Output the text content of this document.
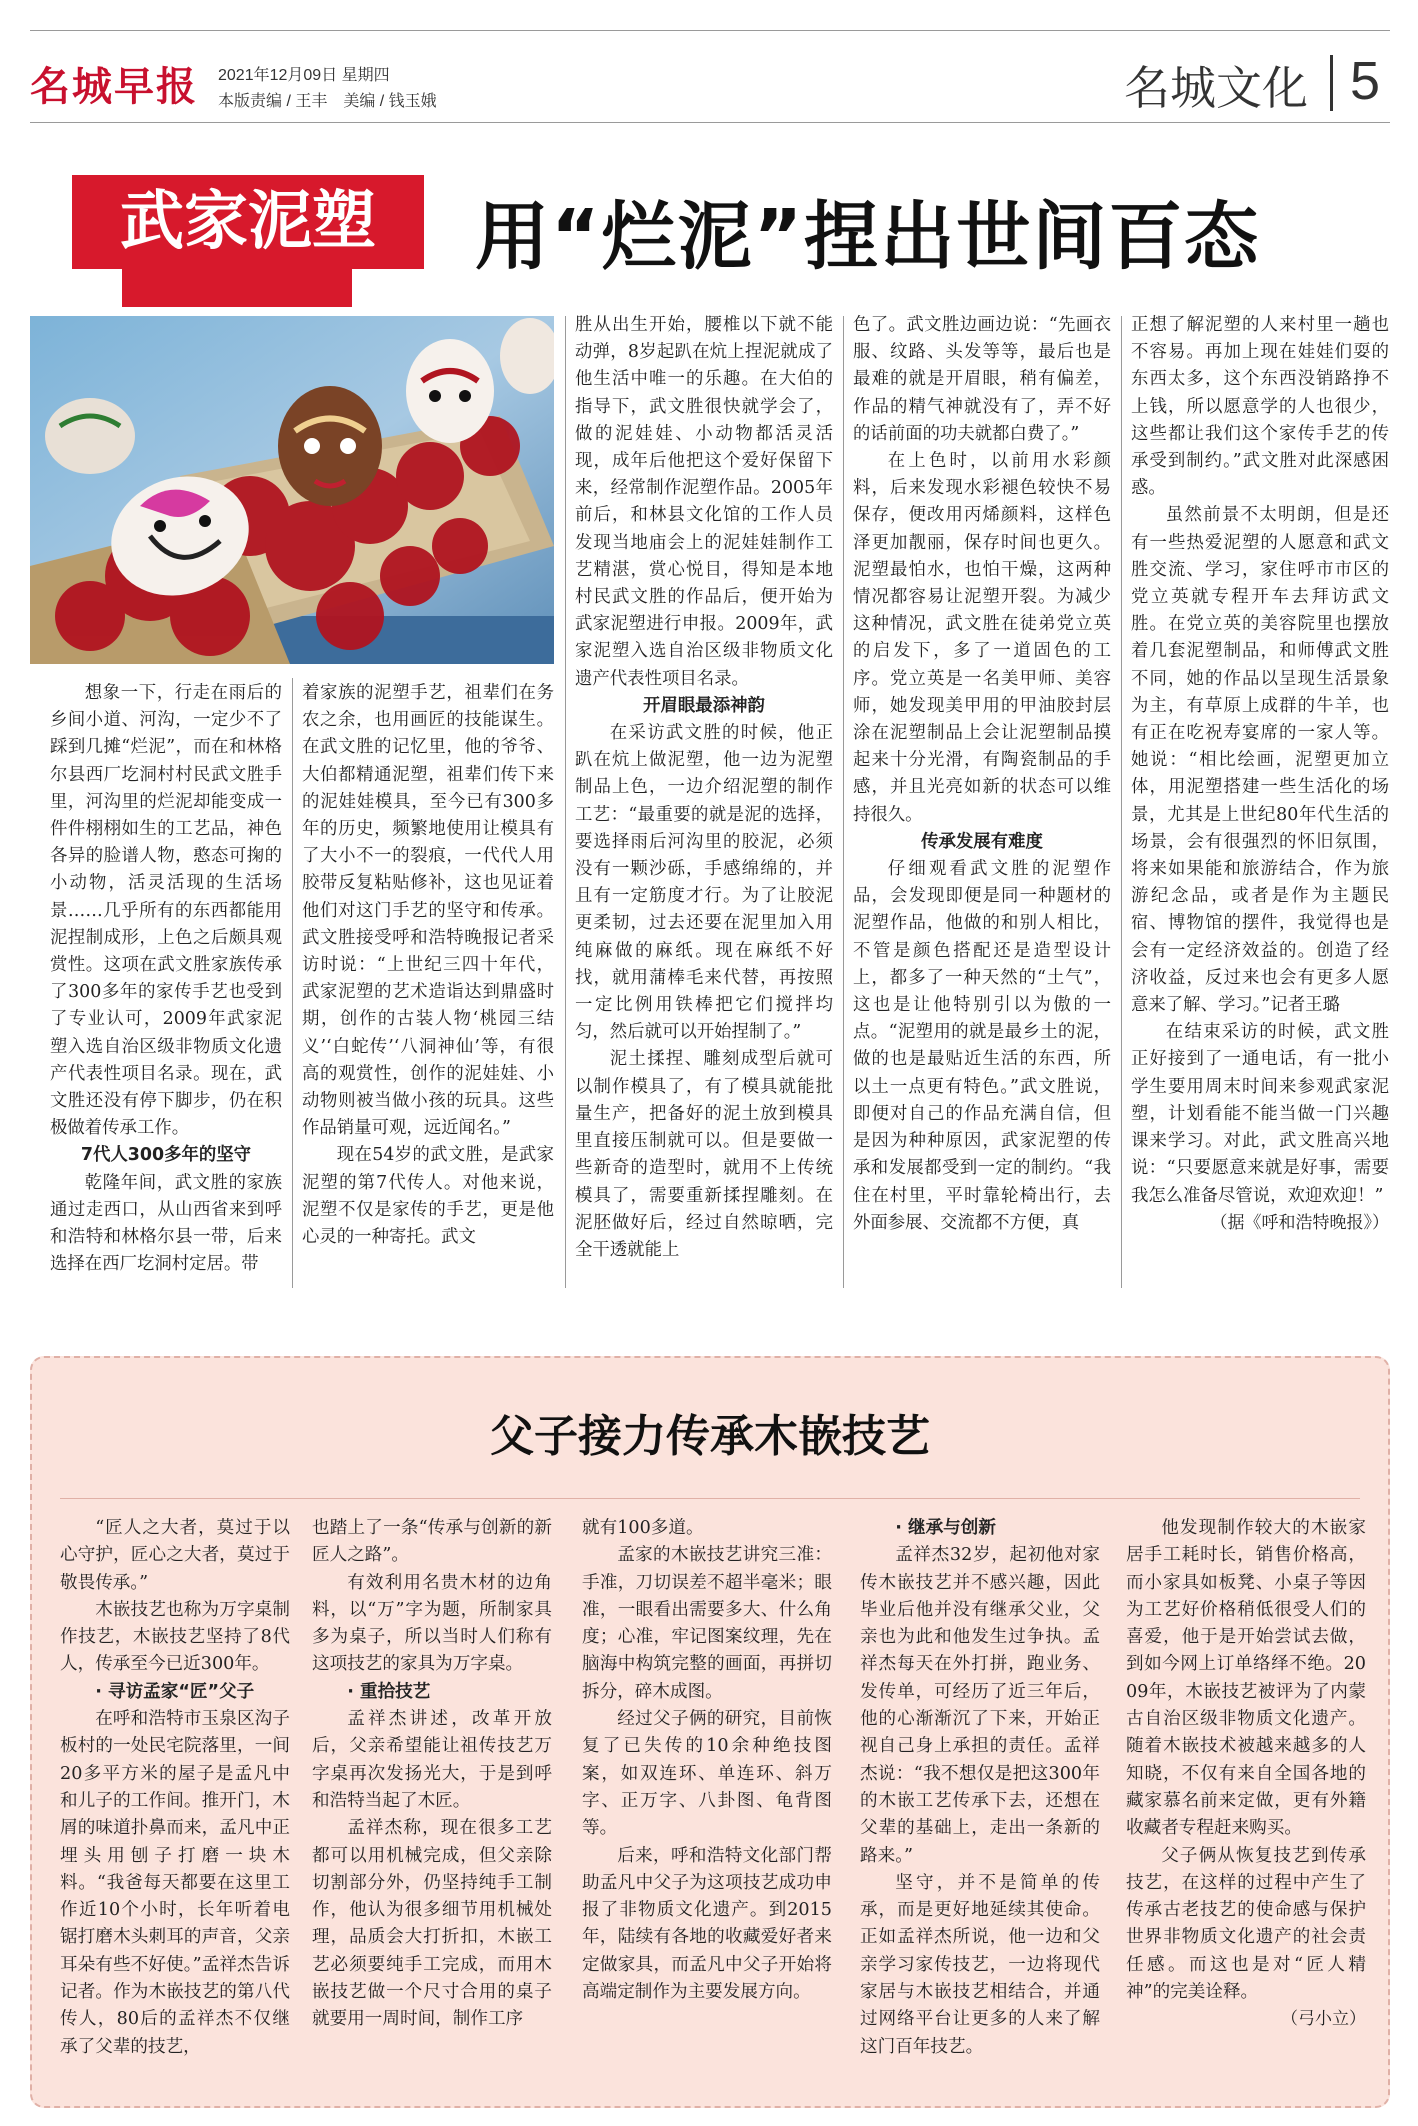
名城早报 2021年12月09日 星期四
本版责编 / 王丰　美编 / 钱玉娥	名城文化 5
武家泥塑	用“烂泥”捏出世间百态

想象一下，行走在雨后的乡间小道、河沟，一定少不了踩到几摊“烂泥”，而在和林格尔县西厂圪洞村村民武文胜手里，河沟里的烂泥却能变成一件件栩栩如生的工艺品，神色各异的脸谱人物，憨态可掬的小动物，活灵活现的生活场景……几乎所有的东西都能用泥捏制成形，上色之后颇具观赏性。这项在武文胜家族传承了300多年的家传手艺也受到了专业认可，2009年武家泥塑入选自治区级非物质文化遗产代表性项目名录。现在，武文胜还没有停下脚步，仍在积极做着传承工作。

7代人300多年的坚守

乾隆年间，武文胜的家族通过走西口，从山西省来到呼和浩特和林格尔县一带，后来选择在西厂圪洞村定居。带

着家族的泥塑手艺，祖辈们在务农之余，也用画匠的技能谋生。在武文胜的记忆里，他的爷爷、大伯都精通泥塑，祖辈们传下来的泥娃娃模具，至今已有300多年的历史，频繁地使用让模具有了大小不一的裂痕，一代代人用胶带反复粘贴修补，这也见证着他们对这门手艺的坚守和传承。武文胜接受呼和浩特晚报记者采访时说：“上世纪三四十年代，武家泥塑的艺术造诣达到鼎盛时期，创作的古装人物‘桃园三结义’‘白蛇传’‘八洞神仙’等，有很高的观赏性，创作的泥娃娃、小动物则被当做小孩的玩具。这些作品销量可观，远近闻名。”

现在54岁的武文胜，是武家泥塑的第7代传人。对他来说，泥塑不仅是家传的手艺，更是他心灵的一种寄托。武文

胜从出生开始，腰椎以下就不能动弹，8岁起趴在炕上捏泥就成了他生活中唯一的乐趣。在大伯的指导下，武文胜很快就学会了，做的泥娃娃、小动物都活灵活现，成年后他把这个爱好保留下来，经常制作泥塑作品。2005年前后，和林县文化馆的工作人员发现当地庙会上的泥娃娃制作工艺精湛，赏心悦目，得知是本地村民武文胜的作品后，便开始为武家泥塑进行申报。2009年，武家泥塑入选自治区级非物质文化遗产代表性项目名录。

开眉眼最添神韵

在采访武文胜的时候，他正趴在炕上做泥塑，他一边为泥塑制品上色，一边介绍泥塑的制作工艺：“最重要的就是泥的选择，要选择雨后河沟里的胶泥，必须没有一颗沙砾，手感绵绵的，并且有一定筋度才行。为了让胶泥更柔韧，过去还要在泥里加入用纯麻做的麻纸。现在麻纸不好找，就用蒲棒毛来代替，再按照一定比例用铁棒把它们搅拌均匀，然后就可以开始捏制了。”

泥土揉捏、雕刻成型后就可以制作模具了，有了模具就能批量生产，把备好的泥土放到模具里直接压制就可以。但是要做一些新奇的造型时，就用不上传统模具了，需要重新揉捏雕刻。在泥胚做好后，经过自然晾晒，完全干透就能上

色了。武文胜边画边说：“先画衣服、纹路、头发等等，最后也是最难的就是开眉眼，稍有偏差，作品的精气神就没有了，弄不好的话前面的功夫就都白费了。”

在上色时，以前用水彩颜料，后来发现水彩褪色较快不易保存，便改用丙烯颜料，这样色泽更加靓丽，保存时间也更久。泥塑最怕水，也怕干燥，这两种情况都容易让泥塑开裂。为减少这种情况，武文胜在徒弟党立英的启发下，多了一道固色的工序。党立英是一名美甲师、美容师，她发现美甲用的甲油胶封层涂在泥塑制品上会让泥塑制品摸起来十分光滑，有陶瓷制品的手感，并且光亮如新的状态可以维持很久。

传承发展有难度

仔细观看武文胜的泥塑作品，会发现即便是同一种题材的泥塑作品，他做的和别人相比，不管是颜色搭配还是造型设计上，都多了一种天然的“土气”，这也是让他特别引以为傲的一点。“泥塑用的就是最乡土的泥，做的也是最贴近生活的东西，所以土一点更有特色。”武文胜说，即便对自己的作品充满自信，但是因为种种原因，武家泥塑的传承和发展都受到一定的制约。“我住在村里，平时靠轮椅出行，去外面参展、交流都不方便，真

正想了解泥塑的人来村里一趟也不容易。再加上现在娃娃们耍的东西太多，这个东西没销路挣不上钱，所以愿意学的人也很少，这些都让我们这个家传手艺的传承受到制约。”武文胜对此深感困惑。

虽然前景不太明朗，但是还有一些热爱泥塑的人愿意和武文胜交流、学习，家住呼市市区的党立英就专程开车去拜访武文胜。在党立英的美容院里也摆放着几套泥塑制品，和师傅武文胜不同，她的作品以呈现生活景象为主，有草原上成群的牛羊，也有正在吃祝寿宴席的一家人等。她说：“相比绘画，泥塑更加立体，用泥塑搭建一些生活化的场景，尤其是上世纪80年代生活的场景，会有很强烈的怀旧氛围，将来如果能和旅游结合，作为旅游纪念品，或者是作为主题民宿、博物馆的摆件，我觉得也是会有一定经济效益的。创造了经济收益，反过来也会有更多人愿意来了解、学习。”记者王璐

在结束采访的时候，武文胜正好接到了一通电话，有一批小学生要用周末时间来参观武家泥塑，计划看能不能当做一门兴趣课来学习。对此，武文胜高兴地说：“只要愿意来就是好事，需要我怎么准备尽管说，欢迎欢迎！”

（据《呼和浩特晚报》）
父子接力传承木嵌技艺

“匠人之大者，莫过于以心守护，匠心之大者，莫过于敬畏传承。”

木嵌技艺也称为万字桌制作技艺，木嵌技艺坚持了8代人，传承至今已近300年。

· 寻访孟家“匠”父子

在呼和浩特市玉泉区沟子板村的一处民宅院落里，一间20多平方米的屋子是孟凡中和儿子的工作间。推开门，木屑的味道扑鼻而来，孟凡中正埋头用刨子打磨一块木料。“我爸每天都要在这里工作近10个小时，长年听着电锯打磨木头刺耳的声音，父亲耳朵有些不好使。”孟祥杰告诉记者。作为木嵌技艺的第八代传人，80后的孟祥杰不仅继承了父辈的技艺，

也踏上了一条“传承与创新的新匠人之路”。

有效利用名贵木材的边角料，以“万”字为题，所制家具多为桌子，所以当时人们称有这项技艺的家具为万字桌。

· 重拾技艺

孟祥杰讲述，改革开放后，父亲希望能让祖传技艺万字桌再次发扬光大，于是到呼和浩特当起了木匠。

孟祥杰称，现在很多工艺都可以用机械完成，但父亲除切割部分外，仍坚持纯手工制作，他认为很多细节用机械处理，品质会大打折扣，木嵌工艺必须要纯手工完成，而用木嵌技艺做一个尺寸合用的桌子就要用一周时间，制作工序

就有100多道。

孟家的木嵌技艺讲究三准：手准，刀切误差不超半毫米；眼准，一眼看出需要多大、什么角度；心准，牢记图案纹理，先在脑海中构筑完整的画面，再拼切拆分，碎木成图。

经过父子俩的研究，目前恢复了已失传的10余种绝技图案，如双连环、单连环、斜万字、正万字、八卦图、龟背图等。

后来，呼和浩特文化部门帮助孟凡中父子为这项技艺成功申报了非物质文化遗产。到2015年，陆续有各地的收藏爱好者来定做家具，而孟凡中父子开始将高端定制作为主要发展方向。

· 继承与创新

孟祥杰32岁，起初他对家传木嵌技艺并不感兴趣，因此毕业后他并没有继承父业，父亲也为此和他发生过争执。孟祥杰每天在外打拼，跑业务、发传单，可经历了近三年后，他的心渐渐沉了下来，开始正视自己身上承担的责任。孟祥杰说：“我不想仅是把这300年的木嵌工艺传承下去，还想在父辈的基础上，走出一条新的路来。”

坚守，并不是简单的传承，而是更好地延续其使命。正如孟祥杰所说，他一边和父亲学习家传技艺，一边将现代家居与木嵌技艺相结合，并通过网络平台让更多的人来了解这门百年技艺。

他发现制作较大的木嵌家居手工耗时长，销售价格高，而小家具如板凳、小桌子等因为工艺好价格稍低很受人们的喜爱，他于是开始尝试去做，到如今网上订单络绎不绝。2009年，木嵌技艺被评为了内蒙古自治区级非物质文化遗产。随着木嵌技术被越来越多的人知晓，不仅有来自全国各地的藏家慕名前来定做，更有外籍收藏者专程赶来购买。

父子俩从恢复技艺到传承技艺，在这样的过程中产生了传承古老技艺的使命感与保护世界非物质文化遗产的社会责任感。而这也是对“匠人精神”的完美诠释。

（弓小立）
